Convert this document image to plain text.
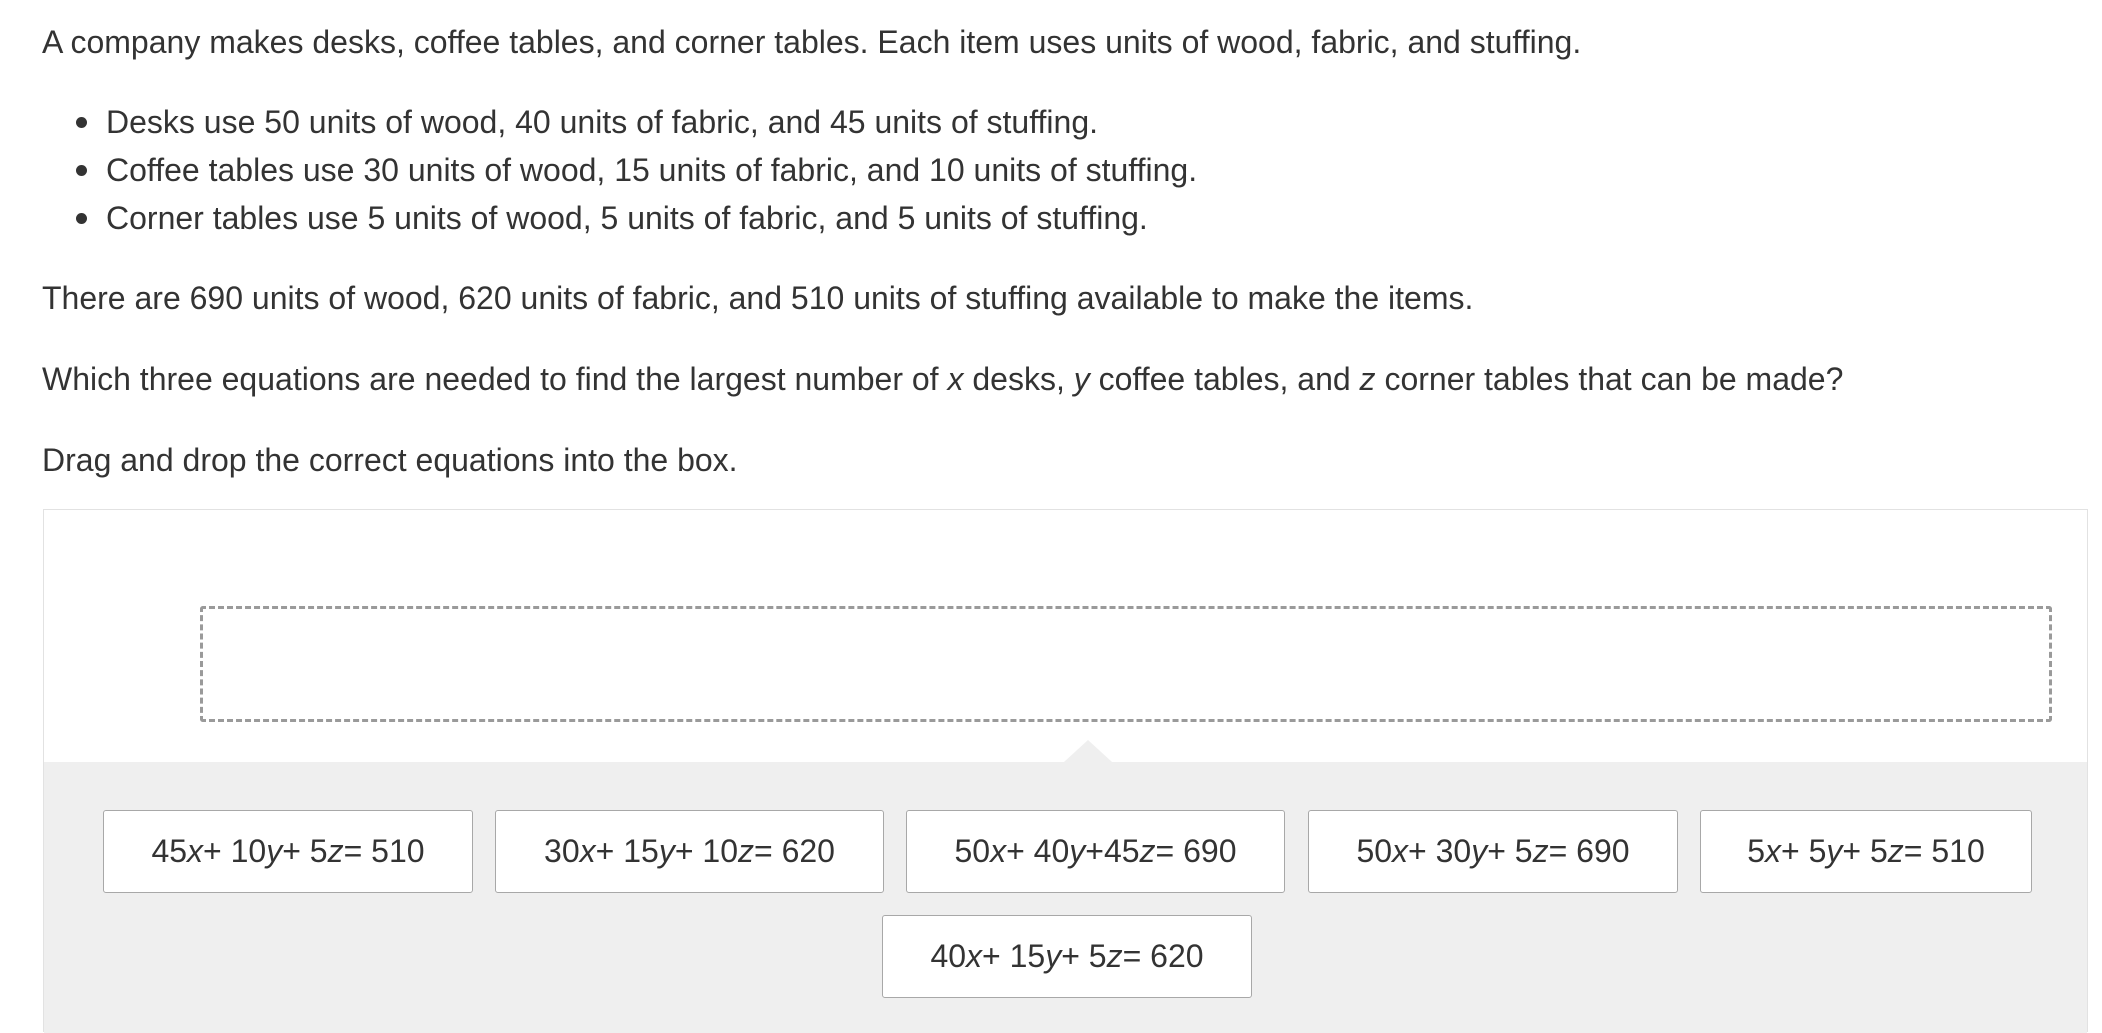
A company makes desks, coffee tables, and corner tables. Each item uses units of wood, fabric, and stuffing.

Desks use 50 units of wood, 40 units of fabric, and 45 units of stuffing.
Coffee tables use 30 units of wood, 15 units of fabric, and 10 units of stuffing.
Corner tables use 5 units of wood, 5 units of fabric, and 5 units of stuffing.

There are 690 units of wood, 620 units of fabric, and 510 units of stuffing available to make the items.

Which three equations are needed to find the largest number of x desks, y coffee tables, and z corner tables that can be made?

Drag and drop the correct equations into the box.

45 x + 10 y + 5 z = 510	30 x + 15 y + 10 z = 620	50 x + 40 y +45 z = 690	50 x + 30 y + 5 z = 690	5 x + 5 y + 5 z = 510
40 x + 15 y + 5 z = 620
